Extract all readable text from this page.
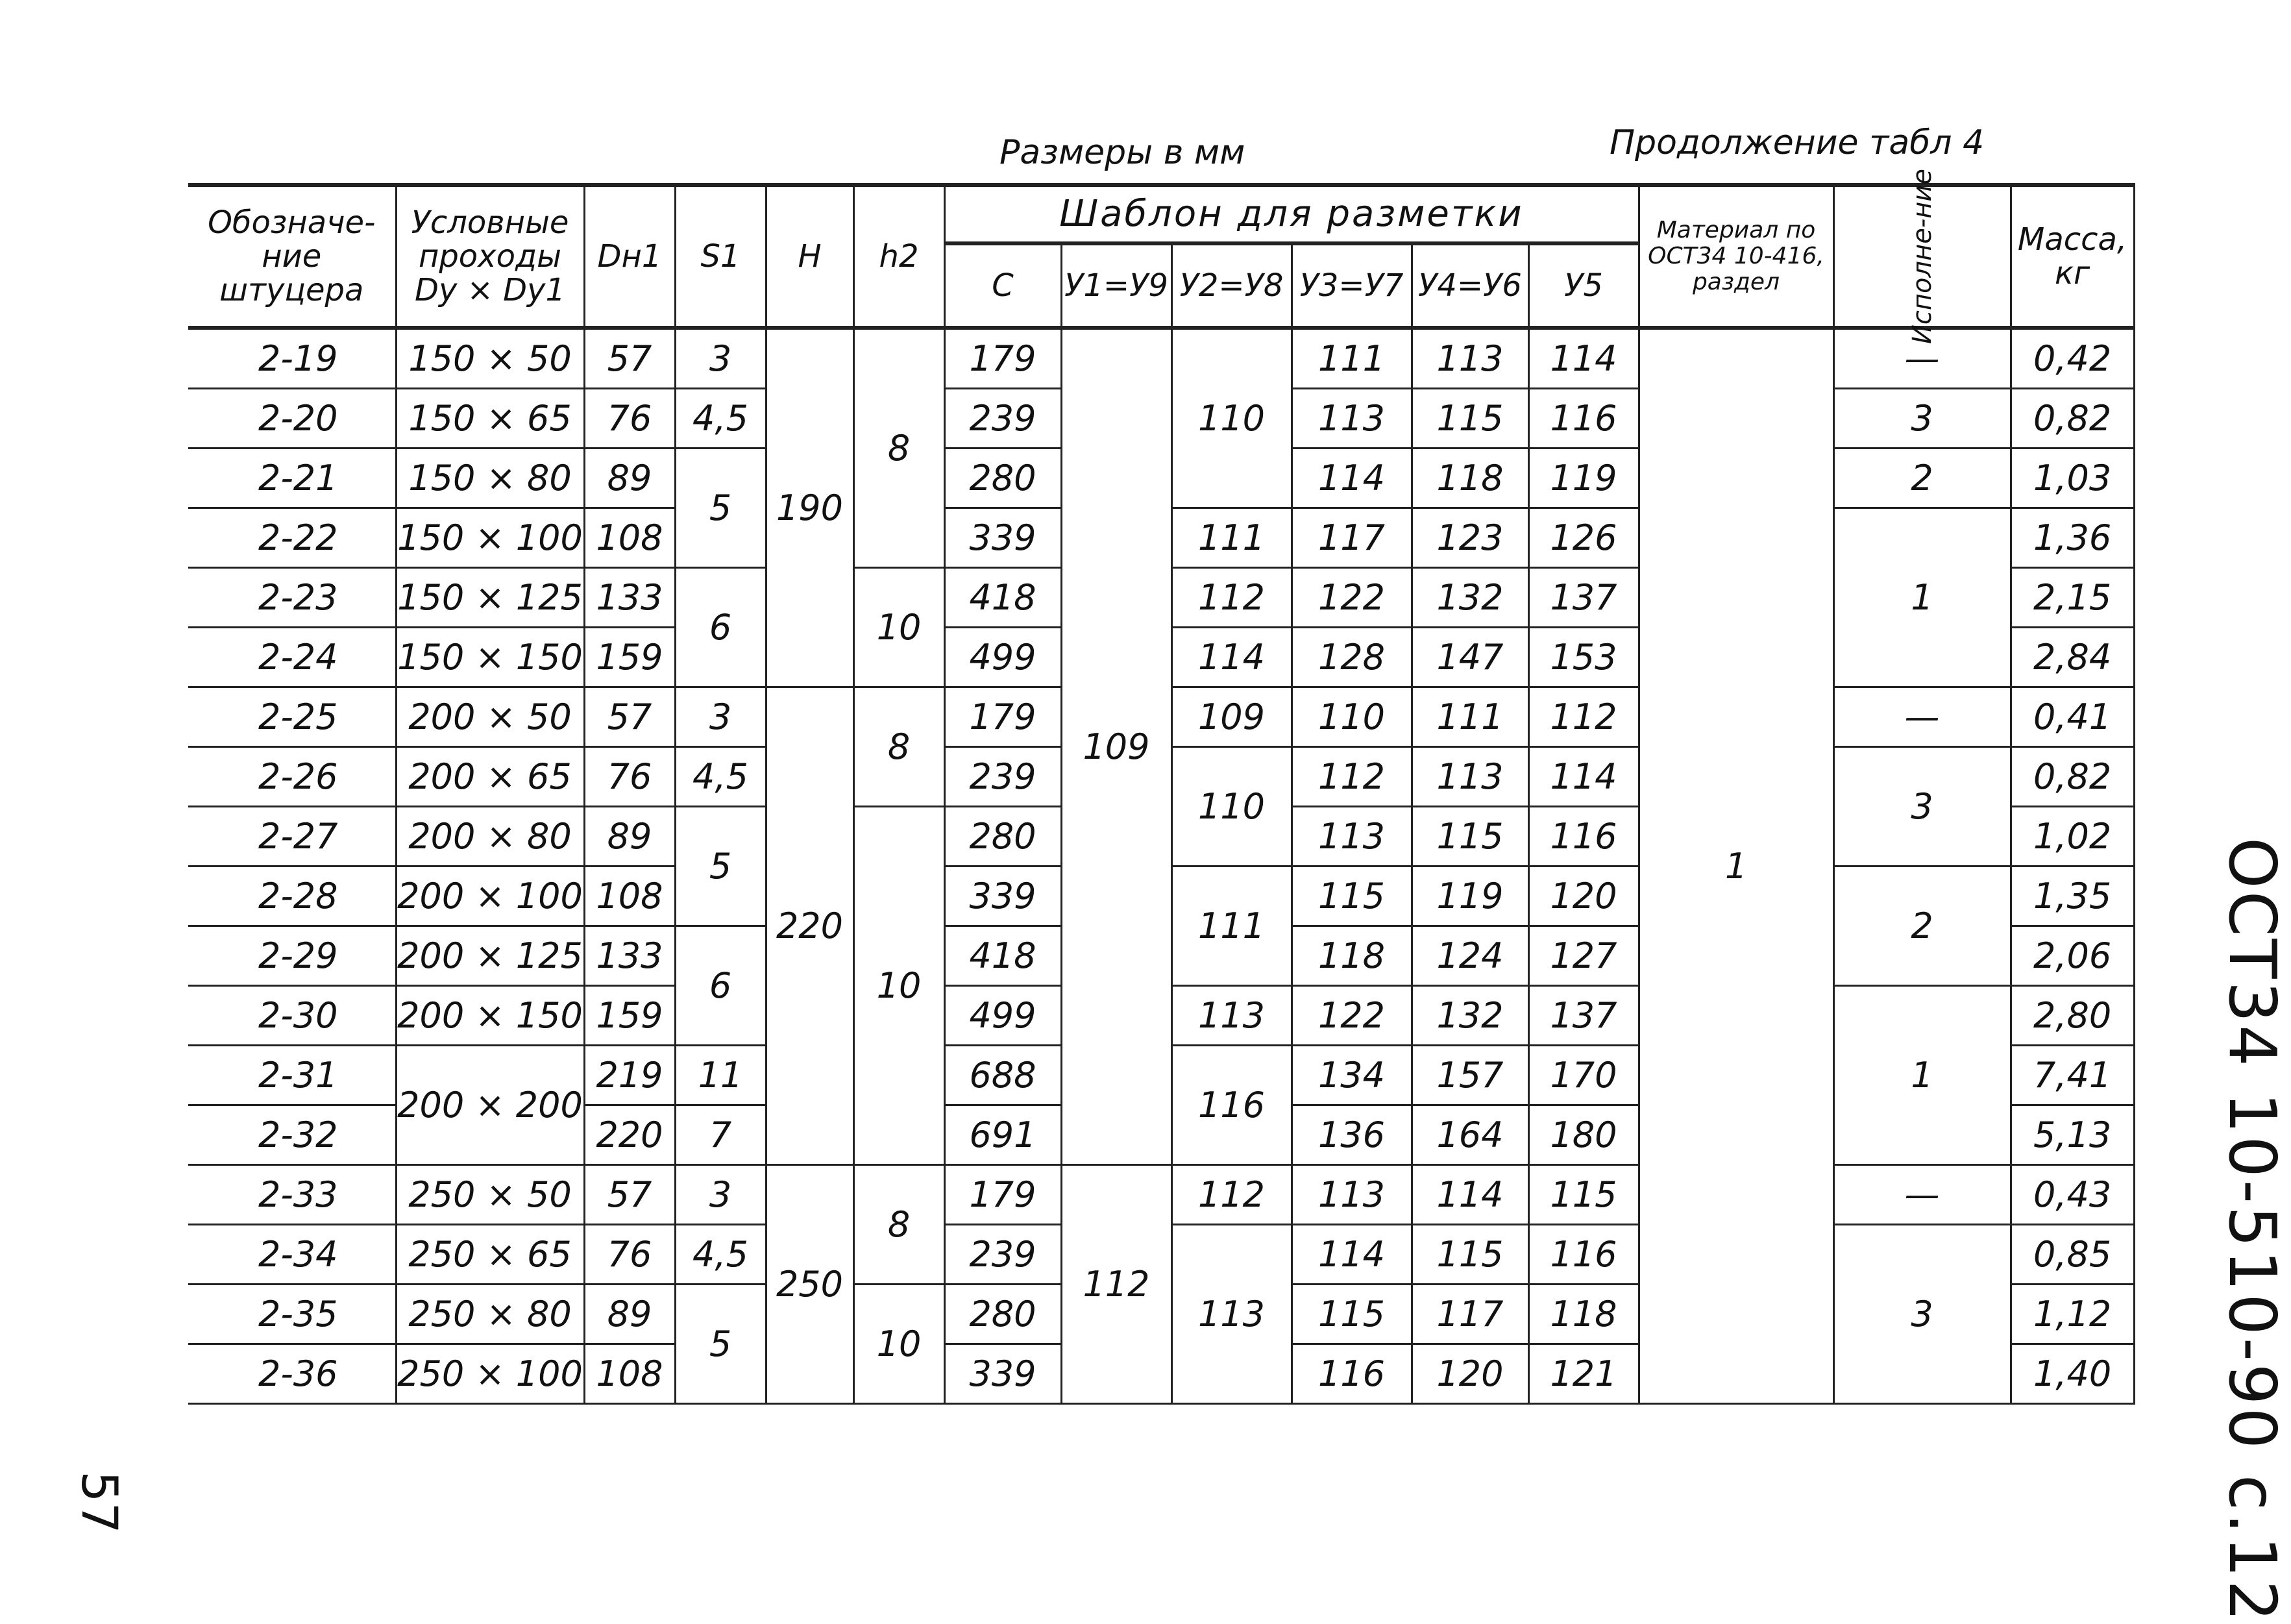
Размеры в мм	Продолжение табл 4
Обозначе-ние штуцера	Условные проходы Dy × Dy1	Dн1	S1	H	h2	Шаблон для разметки						Материал по ОСТ34 10-416, раздел	Исполне-ние	Масса, кг
						C	У1=У9	У2=У8	У3=У7	У4=У6	У5			
2-19	150 × 50	57	3	190	8	179	109	110	111	113	114	1	—	0,42
2-20	150 × 65	76	4,5			239			113	115	116		3	0,82
2-21	150 × 80	89	5			280			114	118	119		2	1,03
2-22	150 × 100	108				339		111	117	123	126		1	1,36
2-23	150 × 125	133	6		10	418		112	122	132	137			2,15
2-24	150 × 150	159				499		114	128	147	153			2,84
2-25	200 × 50	57	3	220	8	179		109	110	111	112		—	0,41
2-26	200 × 65	76	4,5			239		110	112	113	114		3	0,82
2-27	200 × 80	89	5		10	280			113	115	116			1,02
2-28	200 × 100	108				339		111	115	119	120		2	1,35
2-29	200 × 125	133	6			418			118	124	127			2,06
2-30	200 × 150	159				499		113	122	132	137		1	2,80
2-31	200 × 200	219	11			688		116	134	157	170			7,41
2-32		220	7			691			136	164	180			5,13
2-33	250 × 50	57	3	250	8	179	112	112	113	114	115		—	0,43
2-34	250 × 65	76	4,5			239		113	114	115	116		3	0,85
2-35	250 × 80	89	5		10	280			115	117	118			1,12
2-36	250 × 100	108				339			116	120	121			1,40 ОСТ34 10-510-90 с.12
57
